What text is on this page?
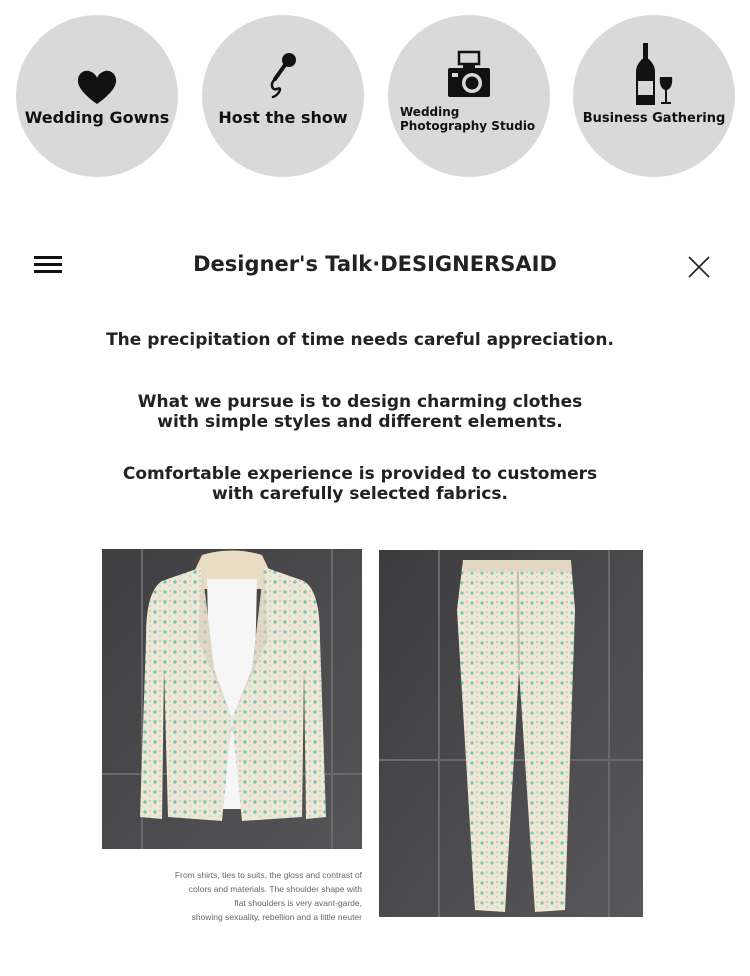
Wedding Gowns	Host the show	Wedding Photography Studio	Business Gathering
Designer's Talk·DESIGNERSAID
The precipitation of time needs careful appreciation.
What we pursue is to design charming clothes
with simple styles and different elements.
Comfortable experience is provided to customers
with carefully selected fabrics.
From shirts, ties to suits, the gloss and contrast of
colors and materials. The shoulder shape with
flat shoulders is very avant-garde,
showing sexuality, rebellion and a little neuter
